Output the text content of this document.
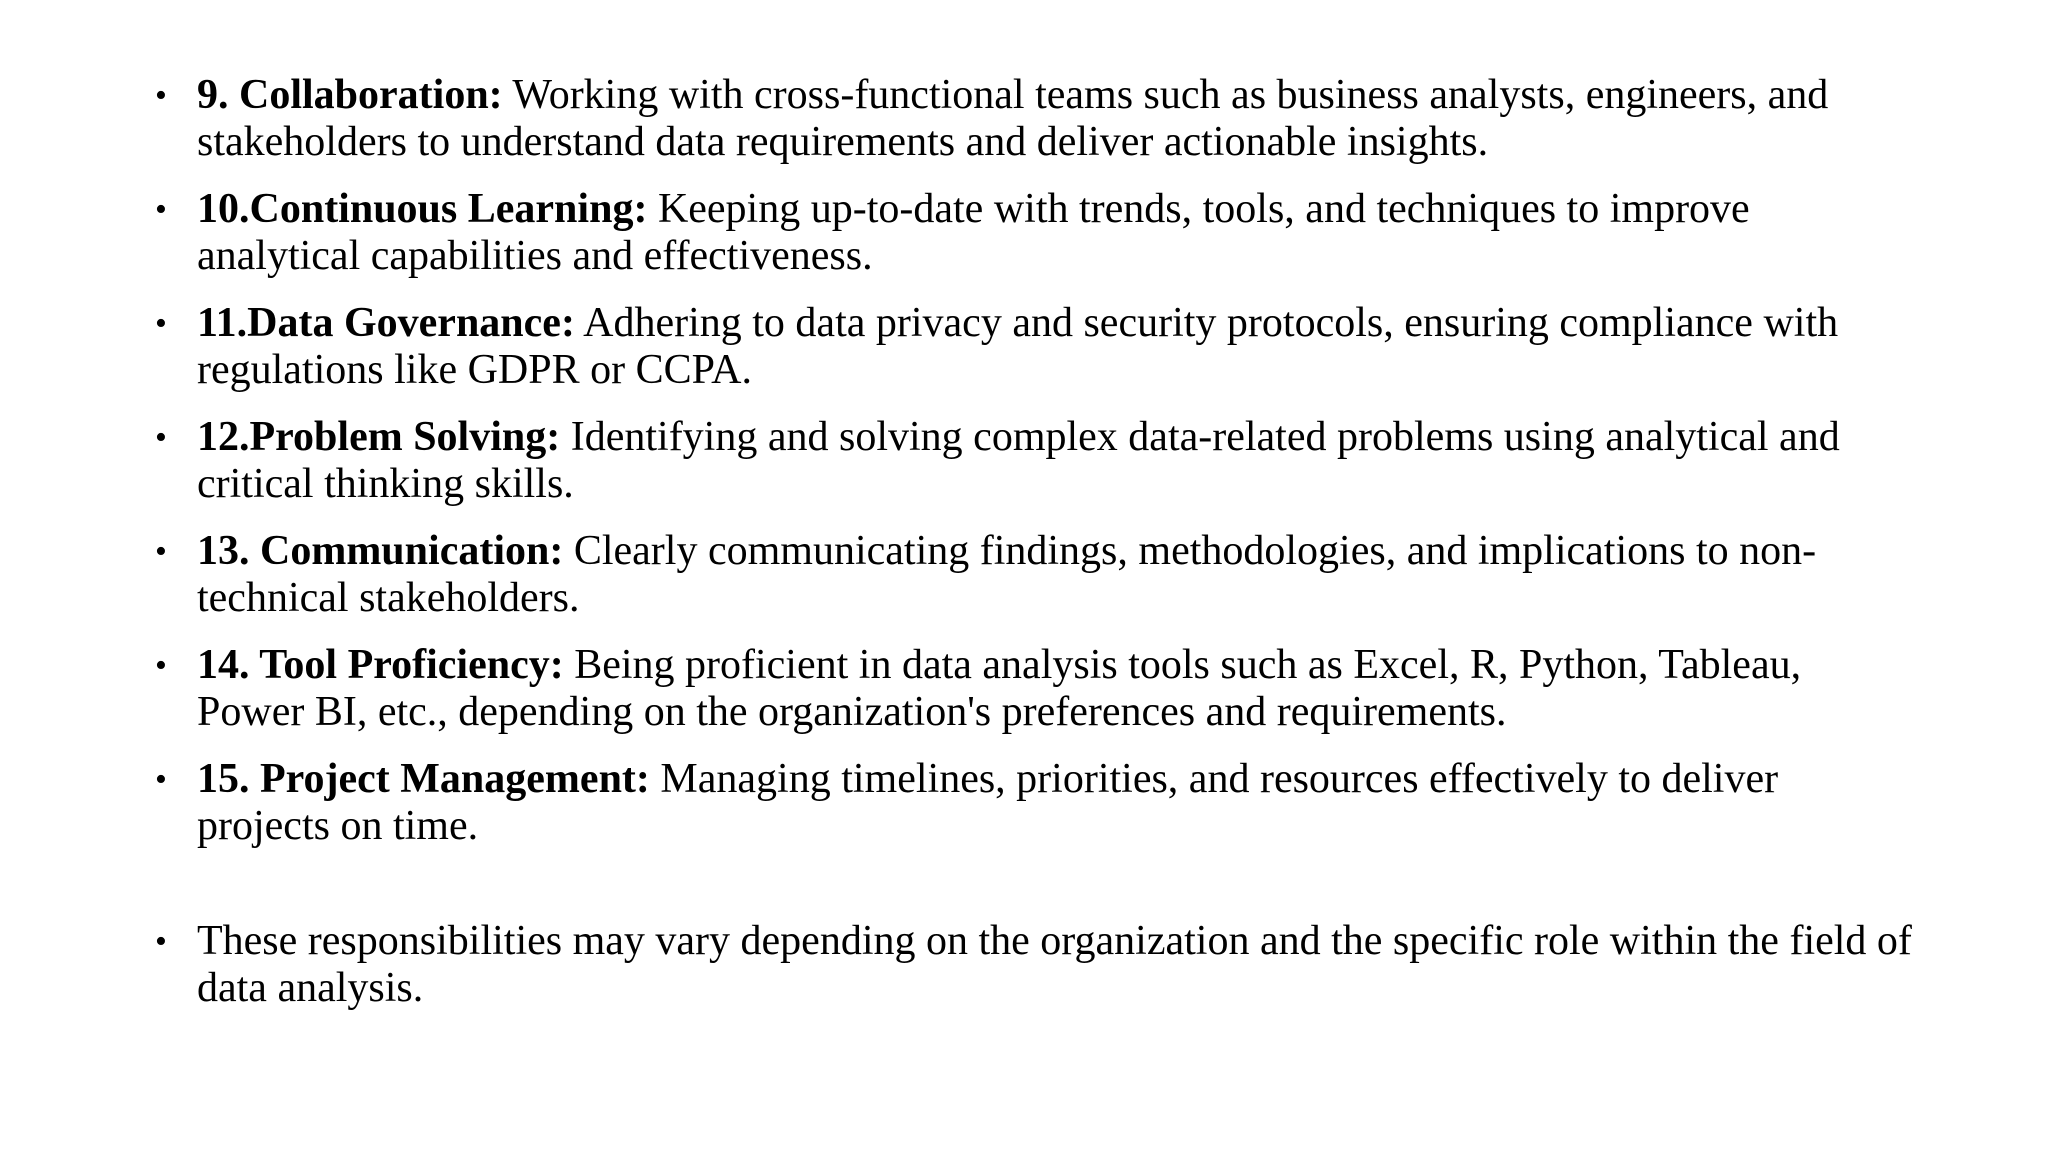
• 9. Collaboration: Working with cross-functional teams such as business analysts, engineers, and stakeholders to understand data requirements and deliver actionable insights.
• 10.Continuous Learning: Keeping up-to-date with trends, tools, and techniques to improve analytical capabilities and effectiveness.
• 11.Data Governance: Adhering to data privacy and security protocols, ensuring compliance with regulations like GDPR or CCPA.
• 12.Problem Solving: Identifying and solving complex data-related problems using analytical and critical thinking skills.
• 13. Communication: Clearly communicating findings, methodologies, and implications to non-technical stakeholders.
• 14. Tool Proficiency: Being proficient in data analysis tools such as Excel, R, Python, Tableau, Power BI, etc., depending on the organization's preferences and requirements.
• 15. Project Management: Managing timelines, priorities, and resources effectively to deliver projects on time.
• These responsibilities may vary depending on the organization and the specific role within the field of data analysis.
